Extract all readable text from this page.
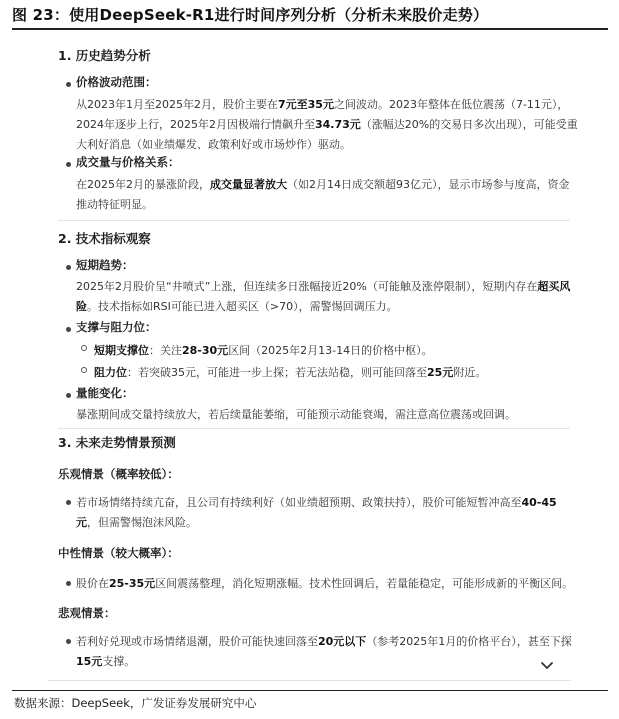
图 23：使用DeepSeek-R1进行时间序列分析（分析未来股价走势）
1. 历史趋势分析
价格波动范围：
从2023年1月至2025年2月，股价主要在7元至35元之间波动。2023年整体在低位震荡（7-11元），
2024年逐步上行，2025年2月因极端行情飙升至34.73元（涨幅达20%的交易日多次出现），可能受重
大利好消息（如业绩爆发、政策利好或市场炒作）驱动。
成交量与价格关系：
在2025年2月的暴涨阶段，成交量显著放大（如2月14日成交额超93亿元），显示市场参与度高，资金
推动特征明显。
2. 技术指标观察
短期趋势：
2025年2月股价呈“井喷式”上涨，但连续多日涨幅接近20%（可能触及涨停限制），短期内存在超买风
险。技术指标如RSI可能已进入超买区（>70），需警惕回调压力。
支撑与阻力位：
短期支撑位：关注28-30元区间（2025年2月13-14日的价格中枢）。
阻力位：若突破35元，可能进一步上探；若无法站稳，则可能回落至25元附近。
量能变化：
暴涨期间成交量持续放大，若后续量能萎缩，可能预示动能衰竭，需注意高位震荡或回调。
3. 未来走势情景预测
乐观情景（概率较低）：
若市场情绪持续亢奋，且公司有持续利好（如业绩超预期、政策扶持），股价可能短暂冲高至40-45
元，但需警惕泡沫风险。
中性情景（较大概率）：
股价在25-35元区间震荡整理，消化短期涨幅。技术性回调后，若量能稳定，可能形成新的平衡区间。
悲观情景：
若利好兑现或市场情绪退潮，股价可能快速回落至20元以下（参考2025年1月的价格平台），甚至下探
15元支撑。
数据来源：DeepSeek，广发证券发展研究中心
